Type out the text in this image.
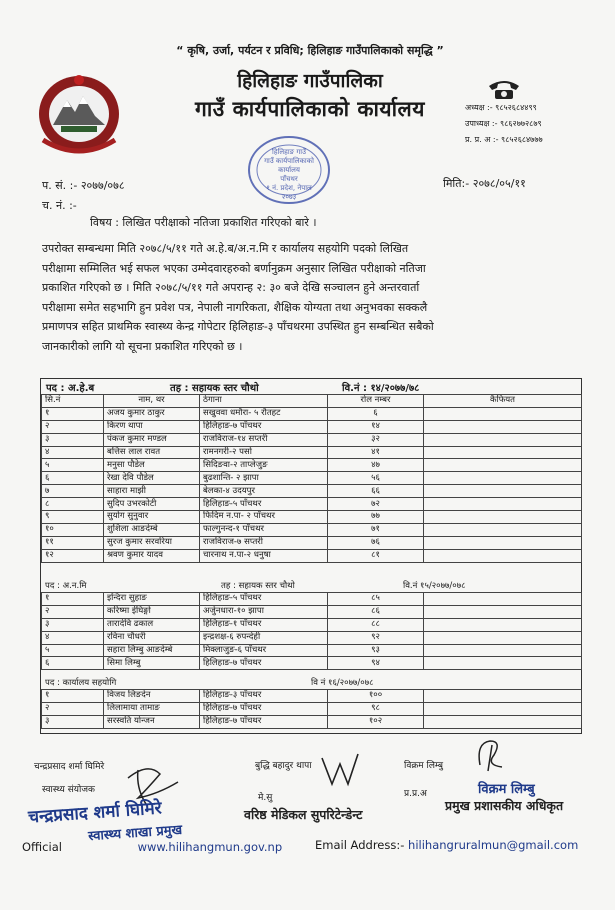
“ कृषि, उर्जा, पर्यटन र प्रविधि; हिलिहाङ गाउँपालिकाको समृद्धि ”
हिलिहाङ गाउँपालिका
गाउँ कार्यपालिकाको कार्यालय	अध्यक्ष :- ९८५२६८४४९९
उपाध्यक्ष :- ९८६२७७२८७९
प्र. प्र. अ :- ९८५२६८४७७७
हिलिहाङ गाउँ
गाउँ कार्यपालिकाको
कार्यालय
पाँचथर
१ नं. प्रदेश, नेपाल
२०७३
प. सं. :- २०७७/०७८
च. नं. :-
मिति:- २०७८/०५/११
विषय : लिखित परीक्षाको नतिजा प्रकाशित गरिएको बारे ।
उपरोक्त सम्बन्धमा मिति २०७८/५/११ गते अ.हे.ब/अ.न.मि र कार्यालय सहयोगि पदको लिखित
परीक्षामा सम्मिलित भई सफल भएका उम्मेदवारहरुको बर्णानुक्रम अनुसार लिखित परीक्षाको नतिजा
प्रकाशित गरिएको छ । मिति २०७८/५/११ गते अपरान्ह २: ३० बजे देखि सञ्चालन हुने अन्तरवार्ता
परीक्षामा समेत सहभागि हुन प्रवेश पत्र, नेपाली नागरिकता, शैक्षिक योग्यता तथा अनुभवका सक्कलै
प्रमाणपत्र सहित प्राथमिक स्वास्थ्य केन्द्र गोपेटार हिलिहाङ-३ पाँचथरमा उपस्थित हुन सम्बन्धित सबैको
जानकारीको लागि यो सूचना प्रकाशित गरिएको छ ।
पद : अ.हे.ब	तह : सहायक स्तर चौथो	वि.नं : १४/२०७७/७८
सि.नं	नाम, थर	ठेगाना	रोल नम्बर	कैफियत
१	अजय कुमार ठाकुर	सखुववा धमौरा- ५ रौतहट	६	
२	किरण थापा	हिलिहाङ-७ पाँचथर	१४	
३	पंकज कुमार मण्डल	राजविराज-१४ सप्तरी	३२	
४	बत्तिस लाल रावत	रामनगरी-२ पर्सा	४१	
५	मनुसा पौडेल	सिदिङवा-२ ताप्लेजुङ	४७	
६	रेखा देवि पौडेल	बुढशान्ति- २ झापा	५६	
७	साहारा माझी	बेलका-४ उदयपुर	६६	
८	सुदिप उभरकोटी	हिलिहाङ-५ पाँचथर	७२	
९	सुयोग सुनुवार	फिदिम न.पा- २ पाँचथर	७७	
१०	शुशिला आङदेम्बे	फाल्गुनन्द-१ पाँचथर	७१	
११	सुरज कुमार सरवरिया	राजविराज-७ सप्तरी	७६	
१२	श्रवण कुमार यादव	चारनाथ न.पा-२ धनुषा	८१	
पद : अ.न.मि	तह : सहायक स्तर चौथो	वि.नं १५/२०७७/०७८
१	इन्दिरा सुहाङ	हिलिहाङ-५ पाँचथर	८५	
२	करिष्मा ईघिङ्गो	अर्जुनधारा-१० झापा	८६	
३	तारादेवि ढकाल	हिलिहाङ-१ पाँचथर	८८	
४	रविना चौधरी	इन्द्रशक्ष-६ रुपन्देही	९२	
५	सहारा लिम्बु आङदेम्बे	मिक्लाजुङ-६ पाँचथर	९३	
६	सिमा लिम्बु	हिलिहाङ-७ पाँचथर	९४	
पद : कार्यालय सहयोगि	वि नं १६/२०७७/०७८
१	विजय लिङदेन	हिलिहाङ-३ पाँचथर	१००	
२	लिलामाया तामाङ	हिलिहाङ-७ पाँचथर	९८	
३	सरस्वति योन्जन	हिलिहाङ-७ पाँचथर	१०२	
चन्द्रप्रसाद शर्मा घिमिरे
स्वास्थ्य संयोजक
चन्द्रप्रसाद शर्मा घिमिरे
स्वास्थ्य शाखा प्रमुख
बुद्धि बहादुर थापा
मे.सु
वरिष्ठ मेडिकल सुपरिटेन्डेन्ट
विक्रम लिम्बु
प्र.प्र.अ	विक्रम लिम्बु
प्रमुख प्रशासकीय अधिकृत
Official	www.hilihangmun.gov.np	Email Address:- hilihangruralmun@gmail.com
